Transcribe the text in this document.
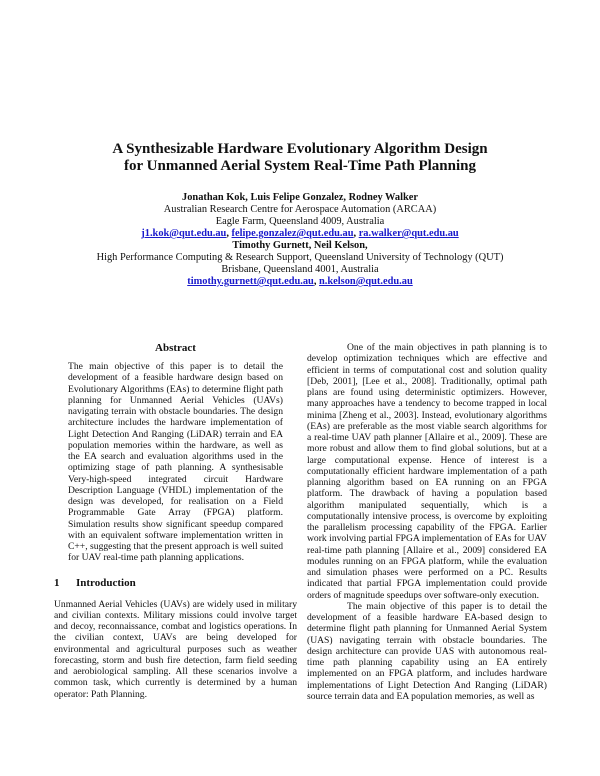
A Synthesizable Hardware Evolutionary Algorithm Design
for Unmanned Aerial System Real-Time Path Planning
Jonathan Kok, Luis Felipe Gonzalez, Rodney Walker
Australian Research Centre for Aerospace Automation (ARCAA)
Eagle Farm, Queensland 4009, Australia
j1.kok@qut.edu.au, felipe.gonzalez@qut.edu.au, ra.walker@qut.edu.au
Timothy Gurnett, Neil Kelson,
High Performance Computing & Research Support, Queensland University of Technology (QUT)
Brisbane, Queensland 4001, Australia
timothy.gurnett@qut.edu.au, n.kelson@qut.edu.au
Abstract

The main objective of this paper is to detail the development of a feasible hardware design based on Evolutionary Algorithms (EAs) to determine flight path planning for Unmanned Aerial Vehicles (UAVs) navigating terrain with obstacle boundaries. The design architecture includes the hardware implementation of Light Detection And Ranging (LiDAR) terrain and EA population memories within the hardware, as well as the EA search and evaluation algorithms used in the optimizing stage of path planning. A synthesisable Very-high-speed integrated circuit Hardware Description Language (VHDL) implementation of the design was developed, for realisation on a Field Programmable Gate Array (FPGA) platform. Simulation results show significant speedup compared with an equivalent software implementation written in C++, suggesting that the present approach is well suited for UAV real-time path planning applications.

1 Introduction

Unmanned Aerial Vehicles (UAVs) are widely used in military and civilian contexts. Military missions could involve target and decoy, reconnaissance, combat and logistics operations. In the civilian context, UAVs are being developed for environmental and agricultural purposes such as weather forecasting, storm and bush fire detection, farm field seeding and aerobiological sampling. All these scenarios involve a common task, which currently is determined by a human operator: Path Planning.

One of the main objectives in path planning is to develop optimization techniques which are effective and efficient in terms of computational cost and solution quality [Deb, 2001], [Lee et al., 2008]. Traditionally, optimal path plans are found using deterministic optimizers. However, many approaches have a tendency to become trapped in local minima [Zheng et al., 2003]. Instead, evolutionary algorithms (EAs) are preferable as the most viable search algorithms for a real-time UAV path planner [Allaire et al., 2009]. These are more robust and allow them to find global solutions, but at a large computational expense. Hence of interest is a computationally efficient hardware implementation of a path planning algorithm based on EA running on an FPGA platform. The drawback of having a population based algorithm manipulated sequentially, which is a computationally intensive process, is overcome by exploiting the parallelism processing capability of the FPGA. Earlier work involving partial FPGA implementation of EAs for UAV real-time path planning [Allaire et al., 2009] considered EA modules running on an FPGA platform, while the evaluation and simulation phases were performed on a PC. Results indicated that partial FPGA implementation could provide orders of magnitude speedups over software-only execution.

The main objective of this paper is to detail the development of a feasible hardware EA-based design to determine flight path planning for Unmanned Aerial System (UAS) navigating terrain with obstacle boundaries. The design architecture can provide UAS with autonomous real-time path planning capability using an EA entirely implemented on an FPGA platform, and includes hardware implementations of Light Detection And Ranging (LiDAR) source terrain data and EA population memories, as well as
